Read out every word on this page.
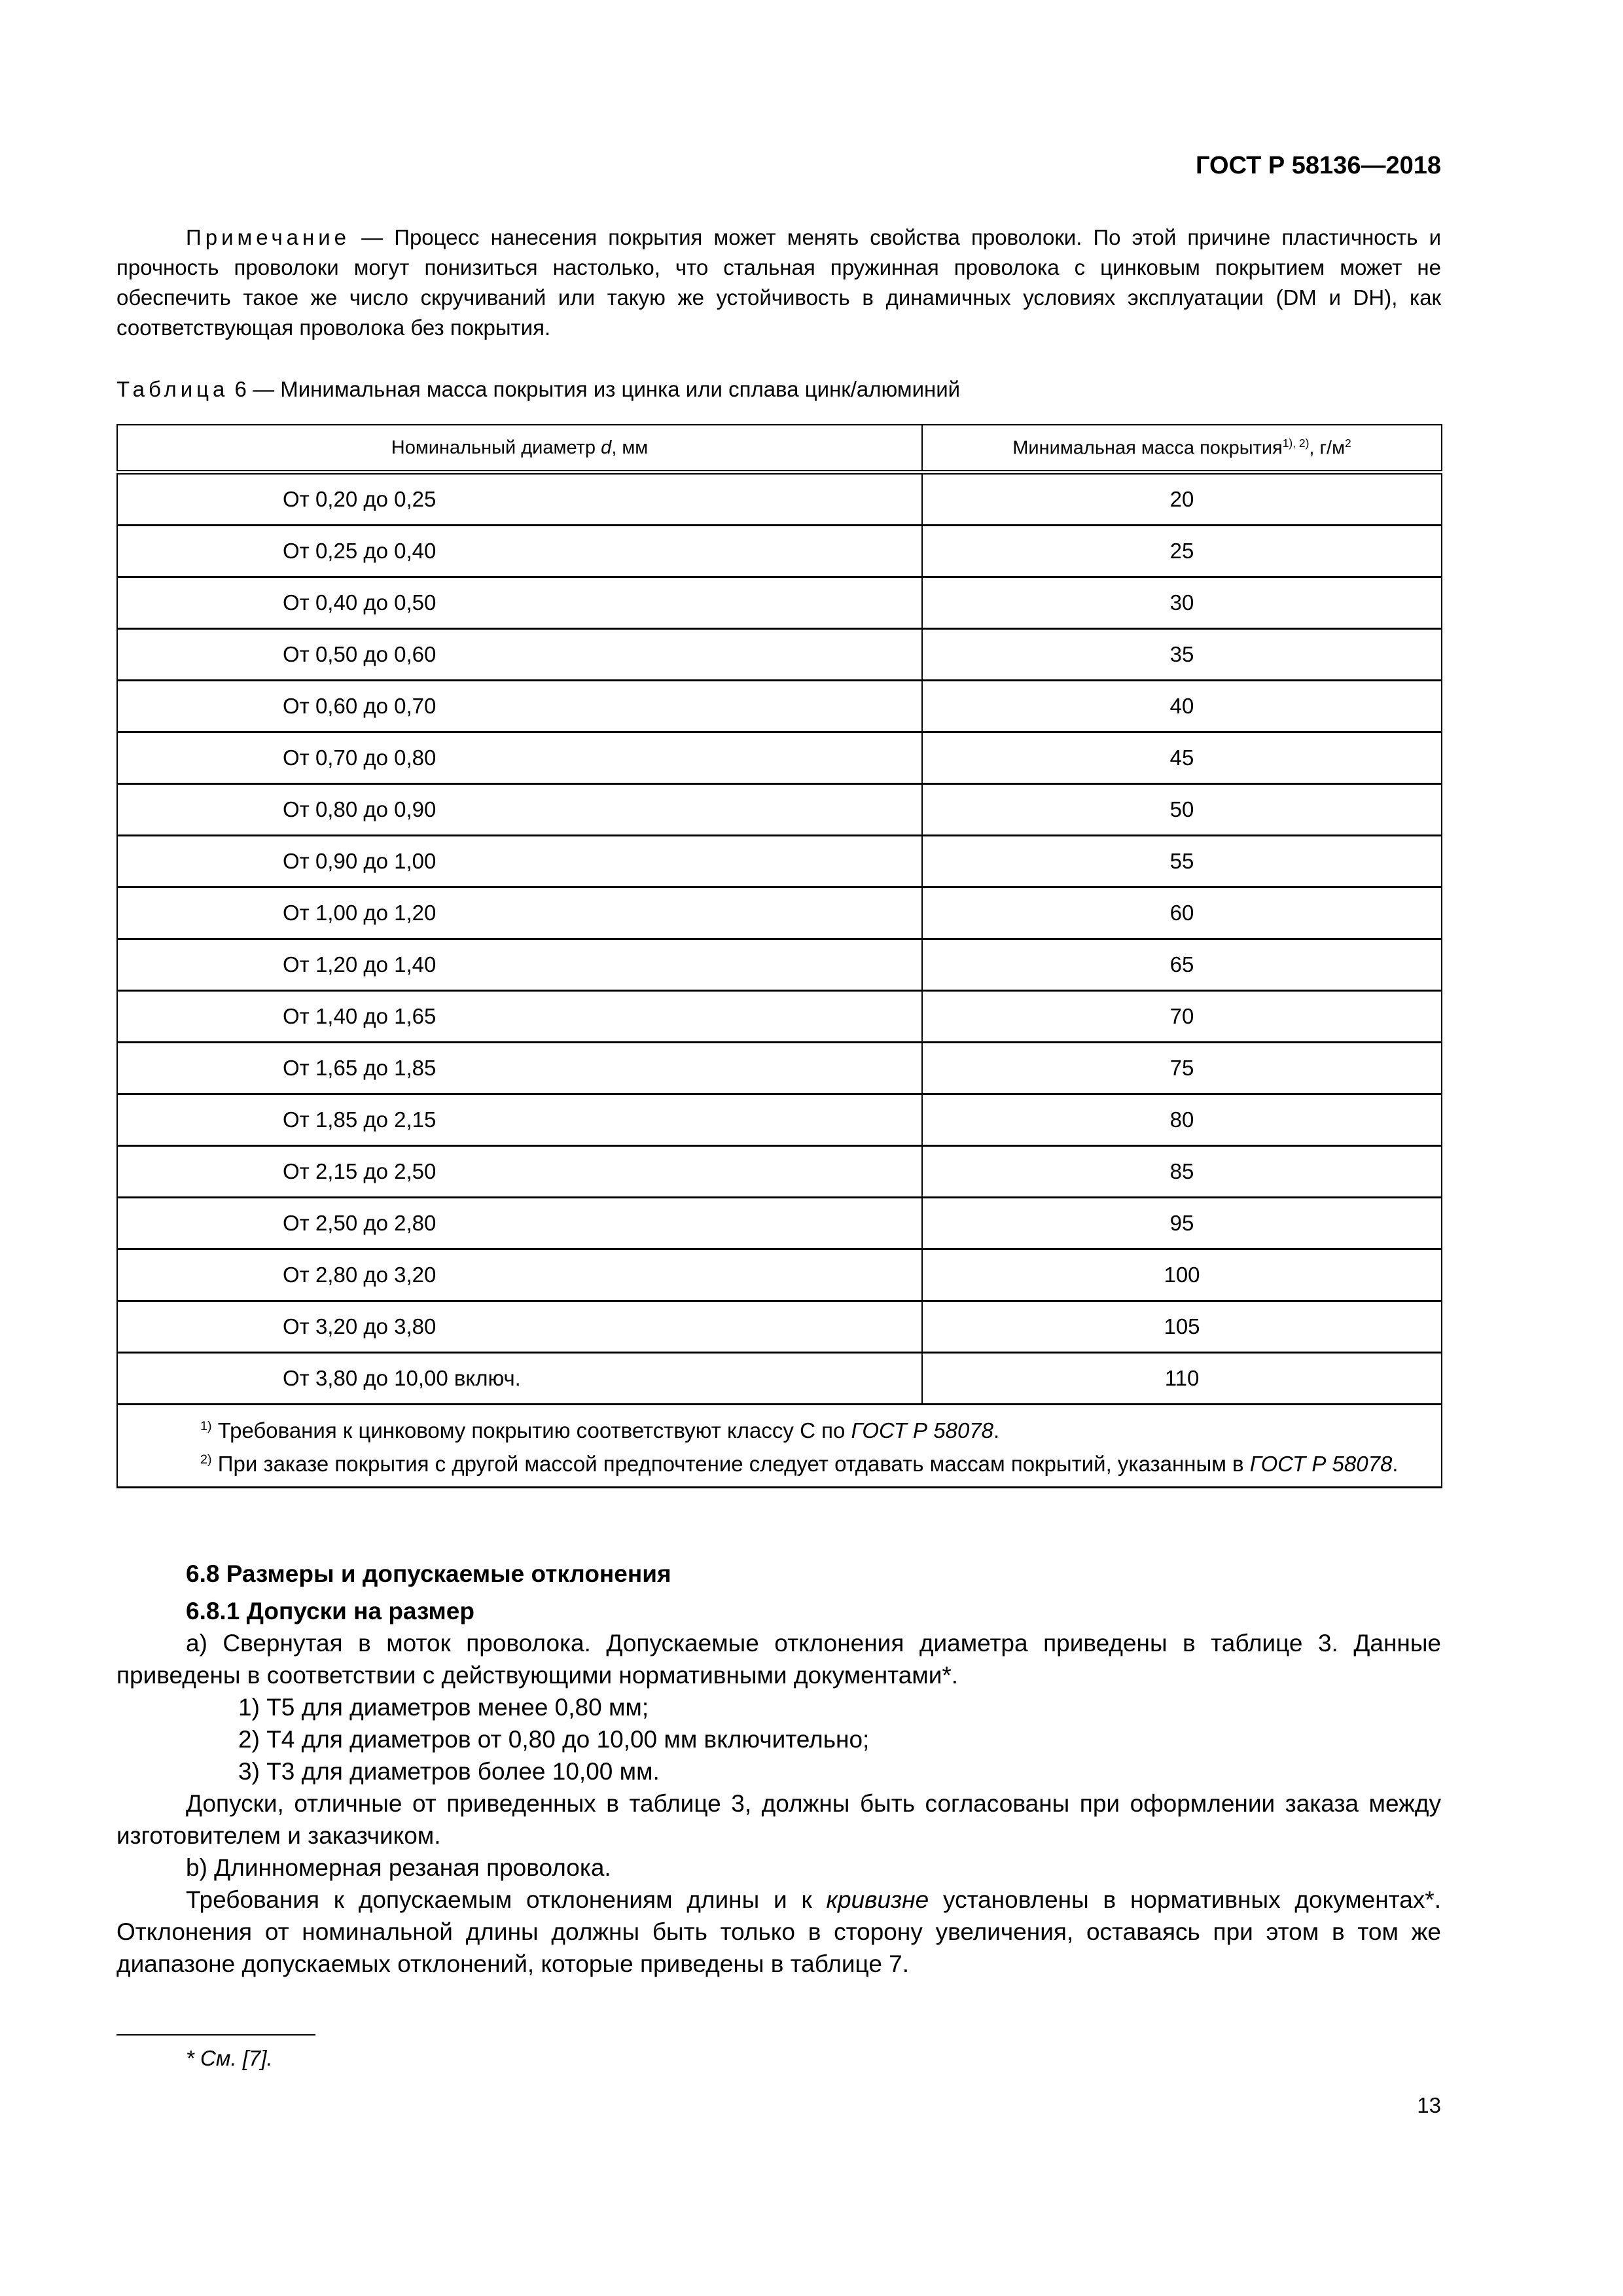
ГОСТ Р 58136—2018
Примечание — Процесс нанесения покрытия может менять свойства проволоки. По этой причине пластичность и прочность проволоки могут понизиться настолько, что стальная пружинная проволока с цинковым покрытием может не обеспечить такое же число скручиваний или такую же устойчивость в динамичных условиях эксплуатации (DM и DH), как соответствующая проволока без покрытия.
Таблица 6 — Минимальная масса покрытия из цинка или сплава цинк/алюминий
Номинальный диаметр d, мм	Минимальная масса покрытия$^{1), 2)}$, $г/м^2$
От 0,20 до 0,25	20
От 0,25 до 0,40	25
От 0,40 до 0,50	30
От 0,50 до 0,60	35
От 0,60 до 0,70	40
От 0,70 до 0,80	45
От 0,80 до 0,90	50
От 0,90 до 1,00	55
От 1,00 до 1,20	60
От 1,20 до 1,40	65
От 1,40 до 1,65	70
От 1,65 до 1,85	75
От 1,85 до 2,15	80
От 2,15 до 2,50	85
От 2,50 до 2,80	95
От 2,80 до 3,20	100
От 3,20 до 3,80	105
От 3,80 до 10,00 включ.	110

$^{1)}$ Требования к цинковому покрытию соответствуют классу С по ГОСТ Р 58078.
$^{2)}$ При заказе покрытия с другой массой предпочтение следует отдавать массам покрытий, указанным в ГОСТ Р 58078.	
6.8 Размеры и допускаемые отклонения
6.8.1 Допуски на размер

а) Свернутая в моток проволока. Допускаемые отклонения диаметра приведены в таблице 3. Данные приведены в соответствии с действующими нормативными документами*.

1) Т5 для диаметров менее 0,80 мм;

2) Т4 для диаметров от 0,80 до 10,00 мм включительно;

3) Т3 для диаметров более 10,00 мм.

Допуски, отличные от приведенных в таблице 3, должны быть согласованы при оформлении заказа между изготовителем и заказчиком.

b) Длинномерная резаная проволока.

Требования к допускаемым отклонениям длины и к кривизне установлены в нормативных документах*. Отклонения от номинальной длины должны быть только в сторону увеличения, оставаясь при этом в том же диапазоне допускаемых отклонений, которые приведены в таблице 7.

* См. [7].
13
